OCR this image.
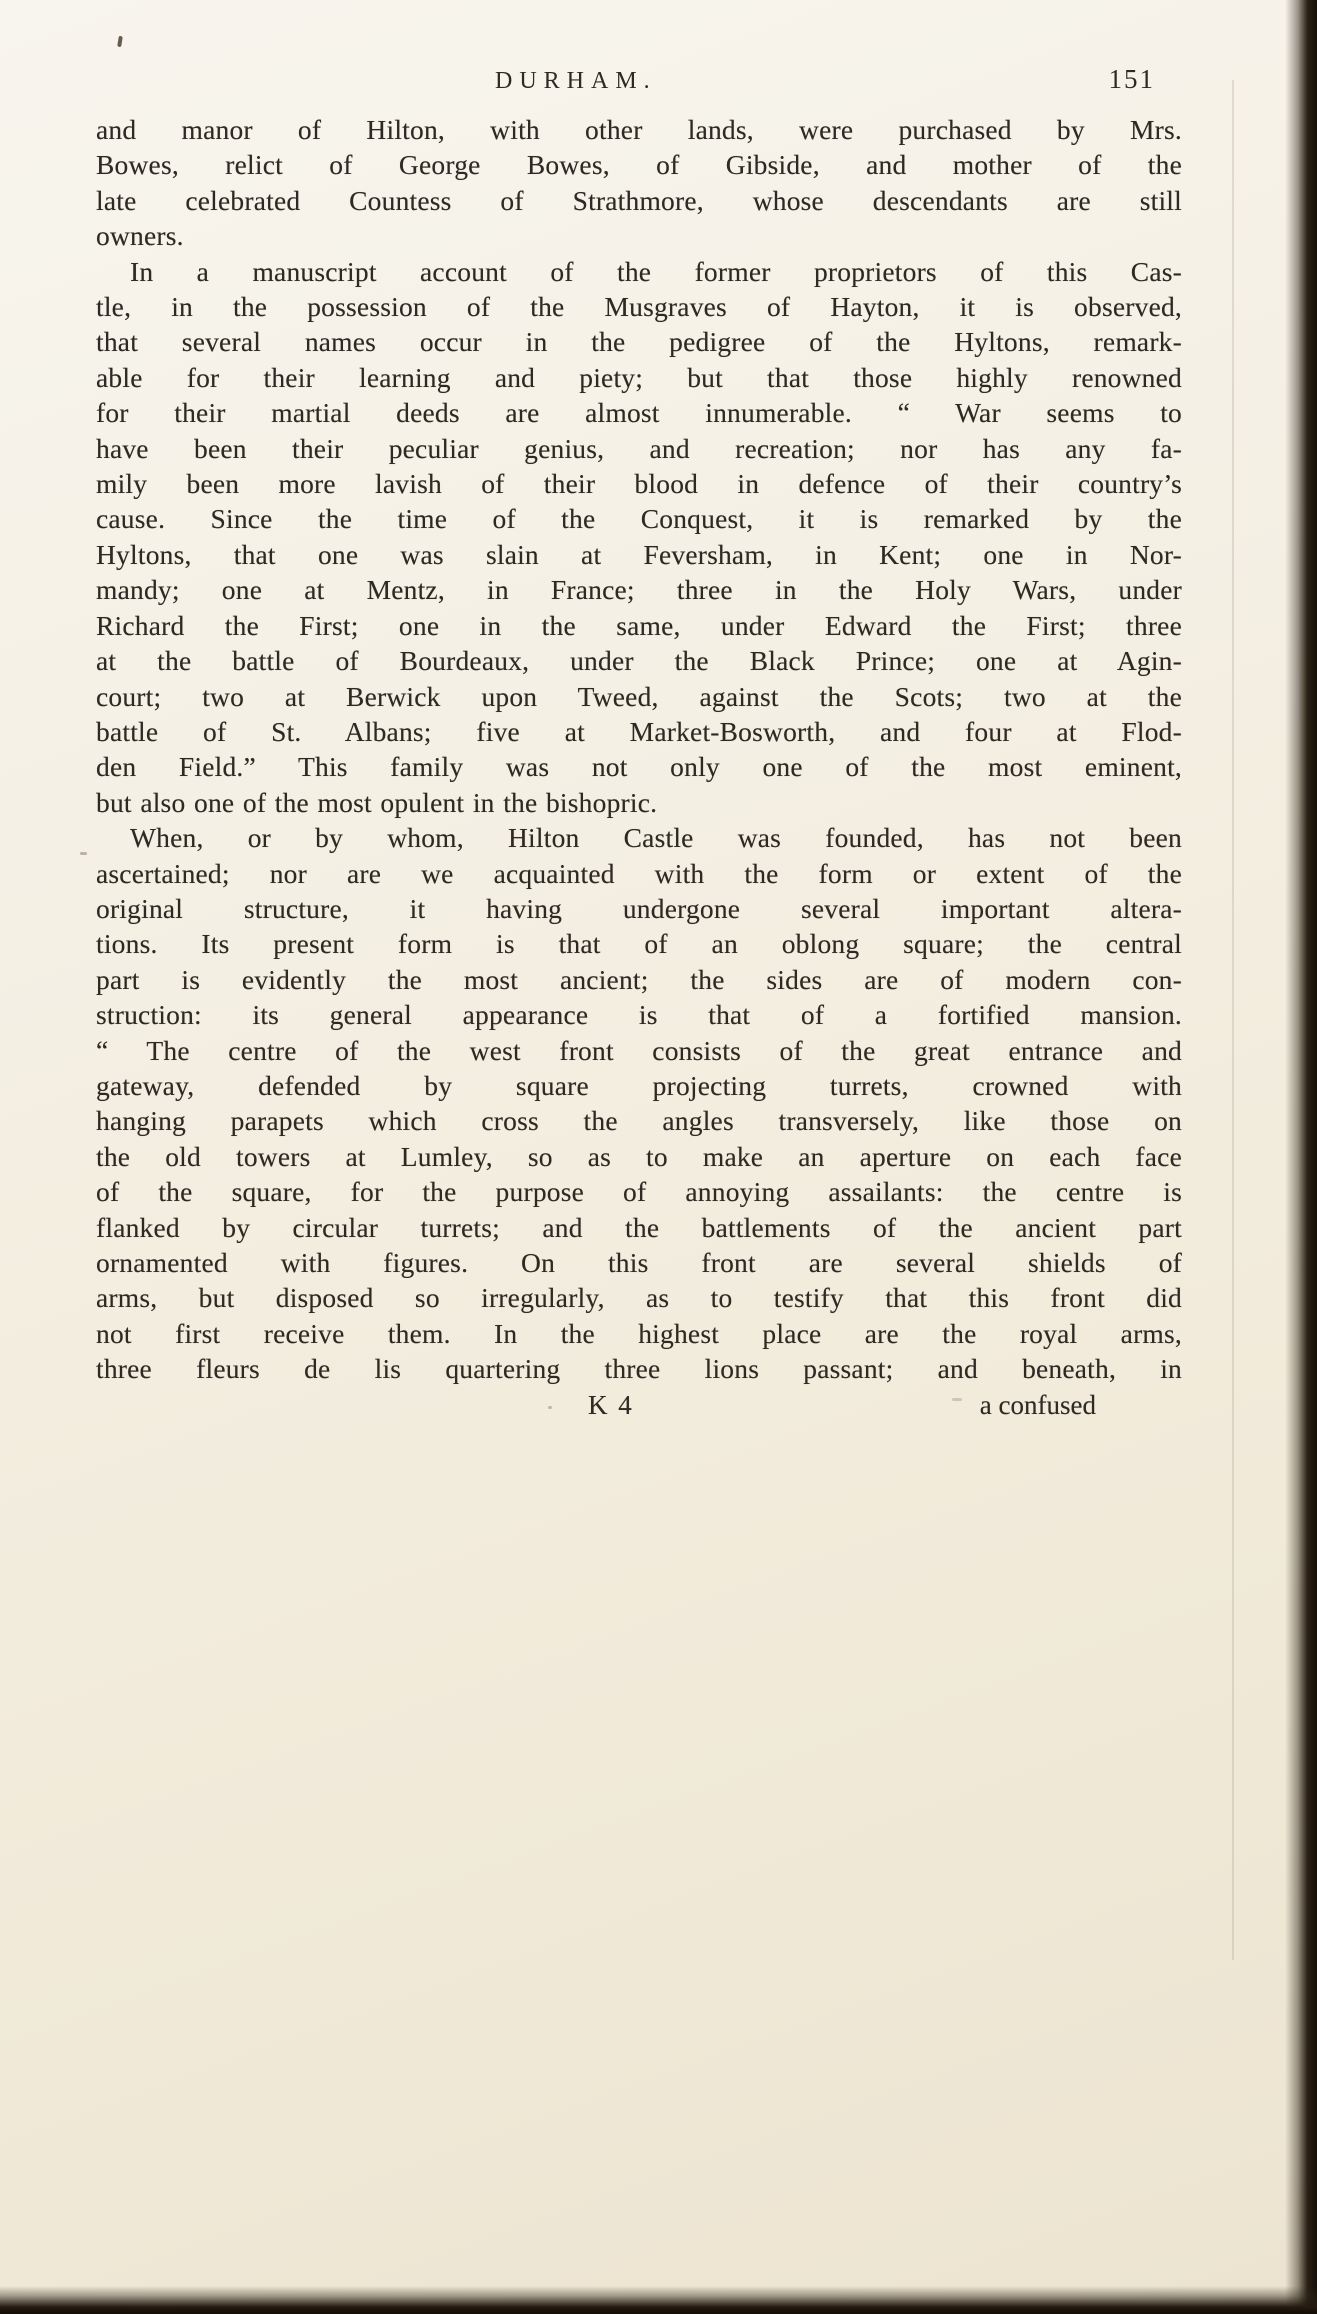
DURHAM.	151
and manor of Hilton, with other lands, were purchased by Mrs.
Bowes, relict of George Bowes, of Gibside, and mother of the
late celebrated Countess of Strathmore, whose descendants are still
owners.
In a manuscript account of the former proprietors of this Cas-
tle, in the possession of the Musgraves of Hayton, it is observed,
that several names occur in the pedigree of the Hyltons, remark-
able for their learning and piety; but that those highly renowned
for their martial deeds are almost innumerable. “ War seems to
have been their peculiar genius, and recreation; nor has any fa-
mily been more lavish of their blood in defence of their country’s
cause. Since the time of the Conquest, it is remarked by the
Hyltons, that one was slain at Feversham, in Kent; one in Nor-
mandy; one at Mentz, in France; three in the Holy Wars, under
Richard the First; one in the same, under Edward the First; three
at the battle of Bourdeaux, under the Black Prince; one at Agin-
court; two at Berwick upon Tweed, against the Scots; two at the
battle of St. Albans; five at Market-Bosworth, and four at Flod-
den Field.” This family was not only one of the most eminent,
but also one of the most opulent in the bishopric.
When, or by whom, Hilton Castle was founded, has not been
ascertained; nor are we acquainted with the form or extent of the
original structure, it having undergone several important altera-
tions. Its present form is that of an oblong square; the central
part is evidently the most ancient; the sides are of modern con-
struction: its general appearance is that of a fortified mansion.
“ The centre of the west front consists of the great entrance and
gateway, defended by square projecting turrets, crowned with
hanging parapets which cross the angles transversely, like those on
the old towers at Lumley, so as to make an aperture on each face
of the square, for the purpose of annoying assailants: the centre is
flanked by circular turrets; and the battlements of the ancient part
ornamented with figures. On this front are several shields of
arms, but disposed so irregularly, as to testify that this front did
not first receive them. In the highest place are the royal arms,
three fleurs de lis quartering three lions passant; and beneath, in
K 4	a confused
